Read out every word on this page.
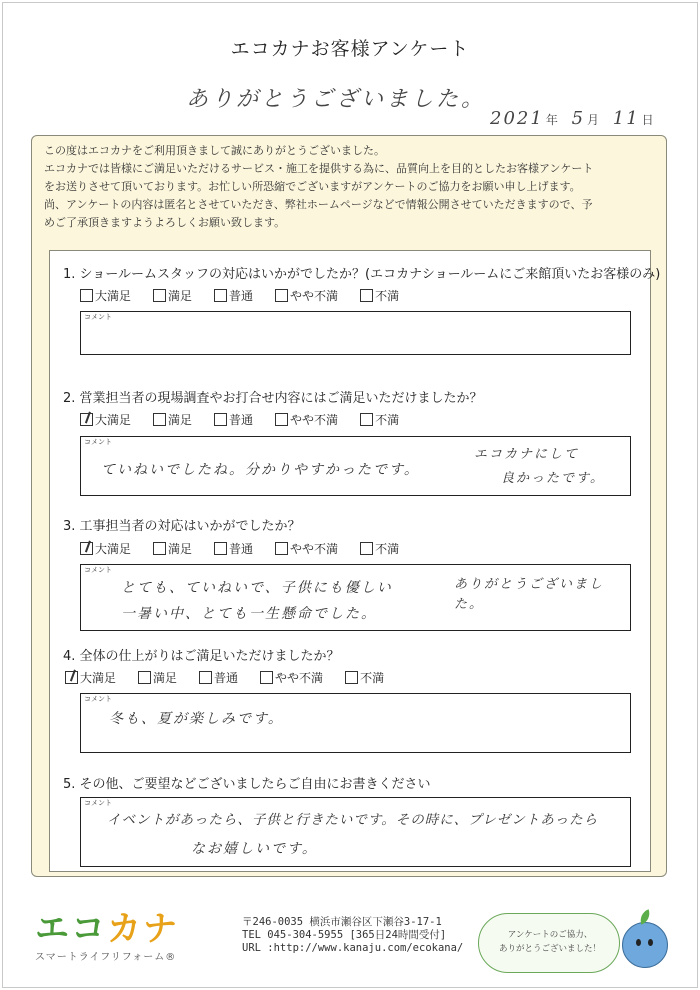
エコカナお客様アンケート
ありがとうございました。
2021 年 5 月 11 日
この度はエコカナをご利用頂きまして誠にありがとうございました。
エコカナでは皆様にご満足いただけるサービス・施工を提供する為に、品質向上を目的としたお客様アンケート
をお送りさせて頂いております。お忙しい所恐縮でございますがアンケートのご協力をお願い申し上げます。
尚、アンケートの内容は匿名とさせていただき、弊社ホームページなどで情報公開させていただきますので、予
めご了承頂きますようよろしくお願い致します。
1. ショールームスタッフの対応はいかがでしたか？(エコカナショールームにご来館頂いたお客様のみ)
大満足	満足	普通	やや不満	不満
コメント
2. 営業担当者の現場調査やお打合せ内容にはご満足いただけましたか？
大満足	満足	普通	やや不満	不満
コメント
ていねいでしたね。分かりやすかったです。
エコカナにして
良かったです。
3. 工事担当者の対応はいかがでしたか？
大満足	満足	普通	やや不満	不満
コメント
とても、ていねいで、子供にも優しい	ありがとうございました。
一暑い中、とても一生懸命でした。
4. 全体の仕上がりはご満足いただけましたか？
大満足	満足	普通	やや不満	不満
コメント
冬も、夏が楽しみです。
5. その他、ご要望などございましたらご自由にお書きください
コメント
イベントがあったら、子供と行きたいです。その時に、プレゼントあったら
なお嬉しいです。
エコカナ
スマートライフリフォーム®
〒246-0035 横浜市瀬谷区下瀬谷3-17-1
TEL 045-304-5955 [365日24時間受付]
URL :http://www.kanaju.com/ecokana/
アンケートのご協力、
ありがとうございました！
